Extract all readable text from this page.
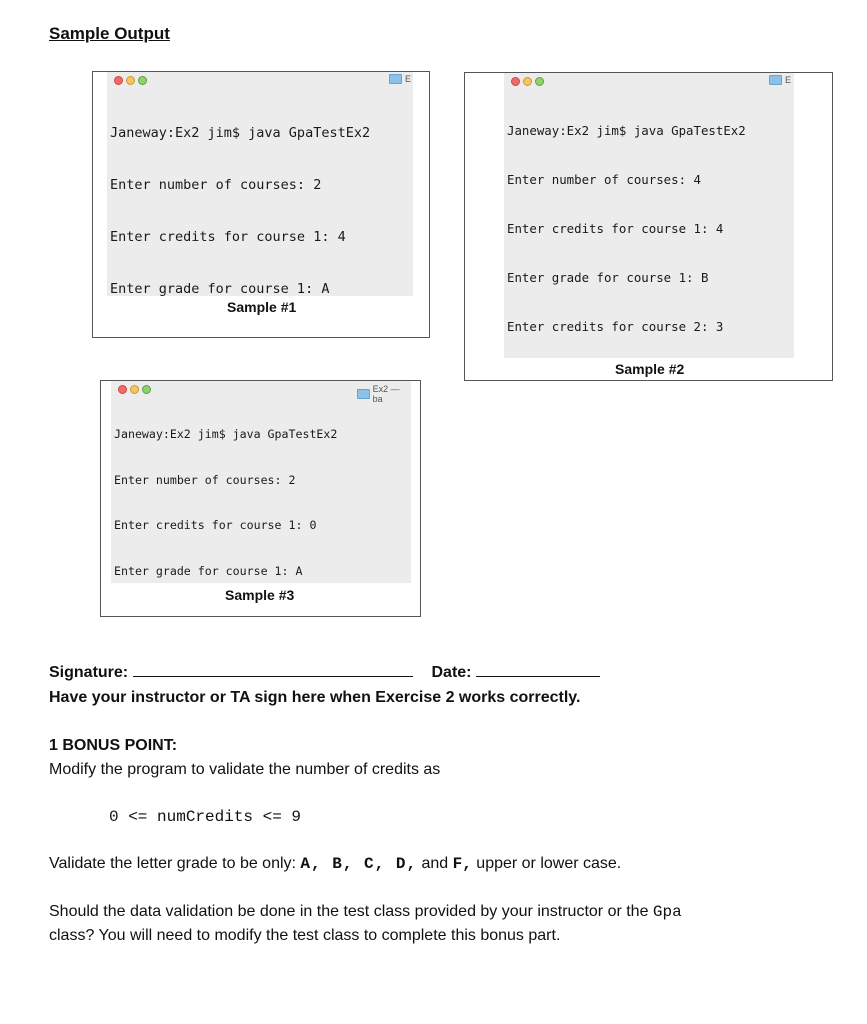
Sample Output
E

Janeway:Ex2 jim$ java GpaTestEx2

Enter number of courses: 2

Enter credits for course 1: 4

Enter grade for course 1: A

Sample #1
E

Janeway:Ex2 jim$ java GpaTestEx2

Enter number of courses: 4

Enter credits for course 1: 4

Enter grade for course 1: B

Enter credits for course 2: 3

Sample #2
Ex2 — ba

Janeway:Ex2 jim$ java GpaTestEx2

Enter number of courses: 2

Enter credits for course 1: 0

Enter grade for course 1: A

Sample #3
Signature:	Date:
Have your instructor or TA sign here when Exercise 2 works correctly.
1 BONUS POINT:
Modify the program to validate the number of credits as
0 <= numCredits <= 9
Validate the letter grade to be only: A, B, C, D, and F, upper or lower case.
Should the data validation be done in the test class provided by your instructor or the Gpa
class? You will need to modify the test class to complete this bonus part.
